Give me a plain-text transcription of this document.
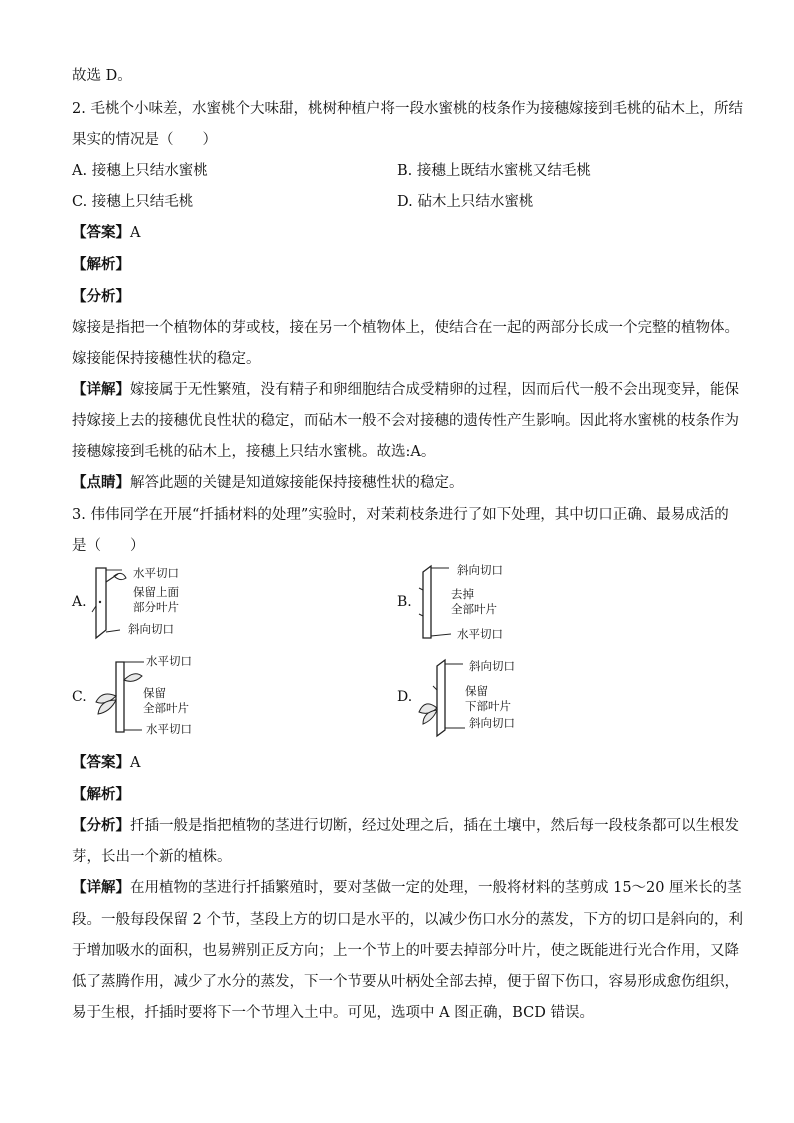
故选 D。
2. 毛桃个小味差，水蜜桃个大味甜，桃树种植户将一段水蜜桃的枝条作为接穗嫁接到毛桃的砧木上，所结
果实的情况是（　　）
A. 接穗上只结水蜜桃	B. 接穗上既结水蜜桃又结毛桃
C. 接穗上只结毛桃	D. 砧木上只结水蜜桃
【答案】A
【解析】
【分析】
嫁接是指把一个植物体的芽或枝，接在另一个植物体上，使结合在一起的两部分长成一个完整的植物体。
嫁接能保持接穗性状的稳定。
【详解】嫁接属于无性繁殖，没有精子和卵细胞结合成受精卵的过程，因而后代一般不会出现变异，能保
持嫁接上去的接穗优良性状的稳定，而砧木一般不会对接穗的遗传性产生影响。因此将水蜜桃的枝条作为
接穗嫁接到毛桃的砧木上，接穗上只结水蜜桃。故选:A。
【点睛】解答此题的关键是知道嫁接能保持接穗性状的稳定。
3. 伟伟同学在开展“扦插材料的处理”实验时，对茉莉枝条进行了如下处理，其中切口正确、最易成活的
是（　　）
A.
水平切口
保留上面
部分叶片
斜向切口
B.
斜向切口
去掉
全部叶片
水平切口
C.
水平切口
保留
全部叶片
水平切口
D.
斜向切口
保留
下部叶片
斜向切口
【答案】A
【解析】
【分析】扦插一般是指把植物的茎进行切断，经过处理之后，插在土壤中，然后每一段枝条都可以生根发
芽，长出一个新的植株。
【详解】在用植物的茎进行扦插繁殖时，要对茎做一定的处理，一般将材料的茎剪成 15～20 厘米长的茎
段。一般每段保留 2 个节，茎段上方的切口是水平的，以减少伤口水分的蒸发，下方的切口是斜向的，利
于增加吸水的面积，也易辨别正反方向；上一个节上的叶要去掉部分叶片，使之既能进行光合作用，又降
低了蒸腾作用，减少了水分的蒸发，下一个节要从叶柄处全部去掉，便于留下伤口，容易形成愈伤组织，
易于生根，扦插时要将下一个节埋入土中。可见，选项中 A 图正确，BCD 错误。
